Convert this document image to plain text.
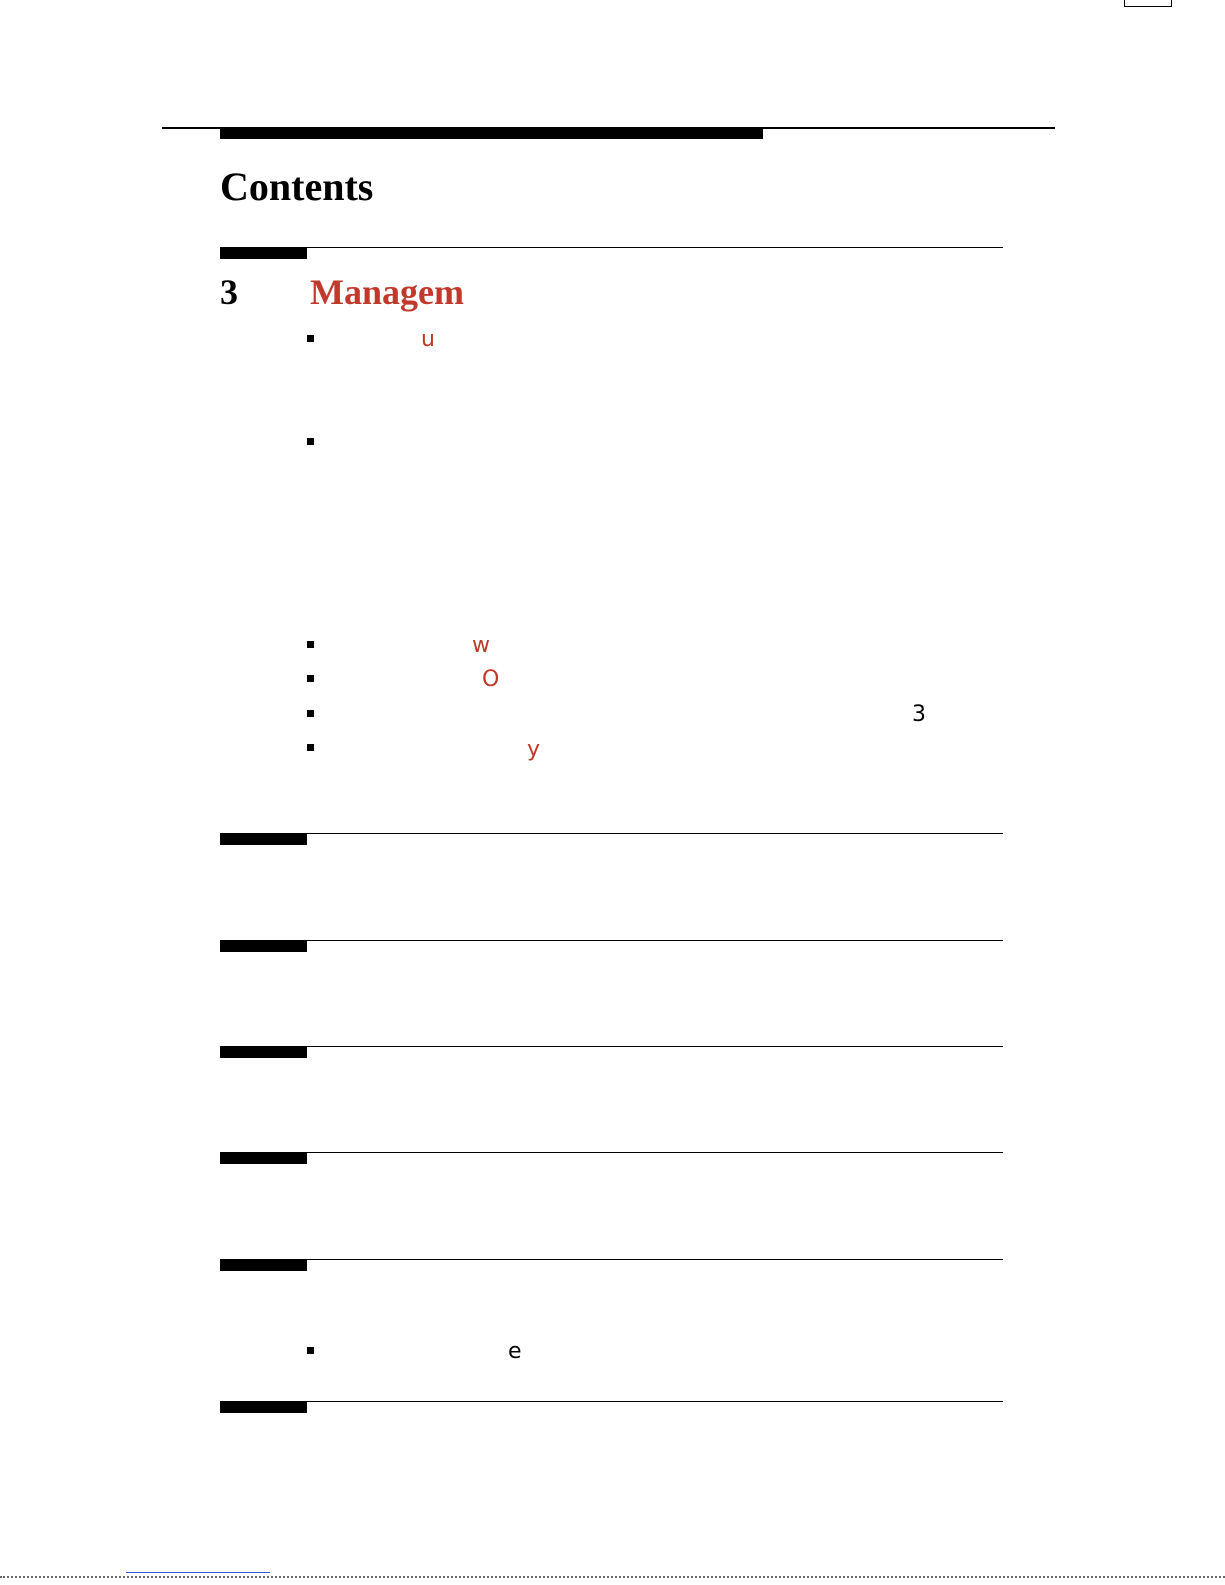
Contents
3 Managem
u
w
O
3
y
e
